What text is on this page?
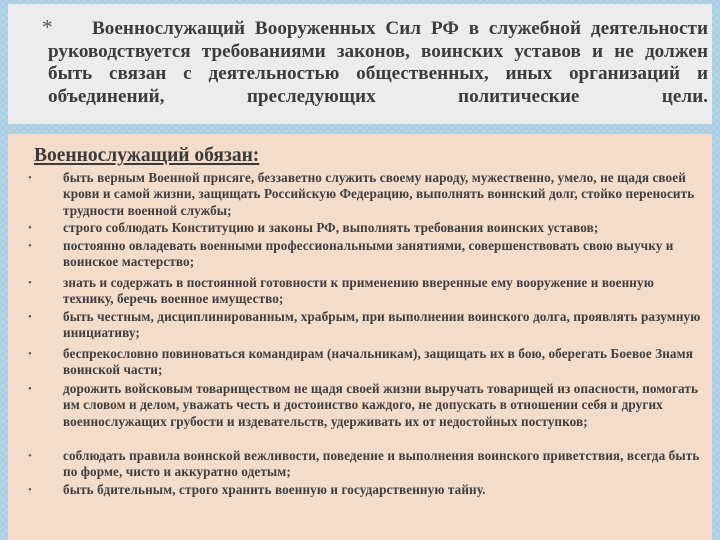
*	Военнослужащий Вооруженных Сил РФ в служебной деятельности руководствуется требованиями законов, воинских уставов и не должен быть связан с деятельностью общественных, иных организаций и объединений, преследующих политические цели.

Военнослужащий обязан:
• быть верным Военной присяге, беззаветно служить своему народу, мужественно, умело, не щадя своей крови и самой жизни, защищать Российскую Федерацию, выполнять воинский долг, стойко переносить трудности военной службы;
• строго соблюдать Конституцию и законы РФ, выполнять требования воинских уставов;
• постоянно овладевать военными профессиональными занятиями, совершенствовать свою выучку и воинское мастерство;
• знать и содержать в постоянной готовности к применению вверенные ему вооружение и военную технику, беречь военное имущество;
• быть честным, дисциплинированным, храбрым, при выполнении воинского долга, проявлять разумную инициативу;
• беспрекословно повиноваться командирам (начальникам), защищать их в бою, оберегать Боевое Знамя воинской части;
• дорожить войсковым товариществом не щадя своей жизни выручать товарищей из опасности, помогать им словом и делом, уважать честь и достоинство каждого, не допускать в отношении себя и других военнослужащих грубости и издевательств, удерживать их от недостойных поступков;
• соблюдать правила воинской вежливости, поведение и выполнения воинского приветствия, всегда быть по форме, чисто и аккуратно одетым;
• быть бдительным, строго хранить военную и государственную тайну.
